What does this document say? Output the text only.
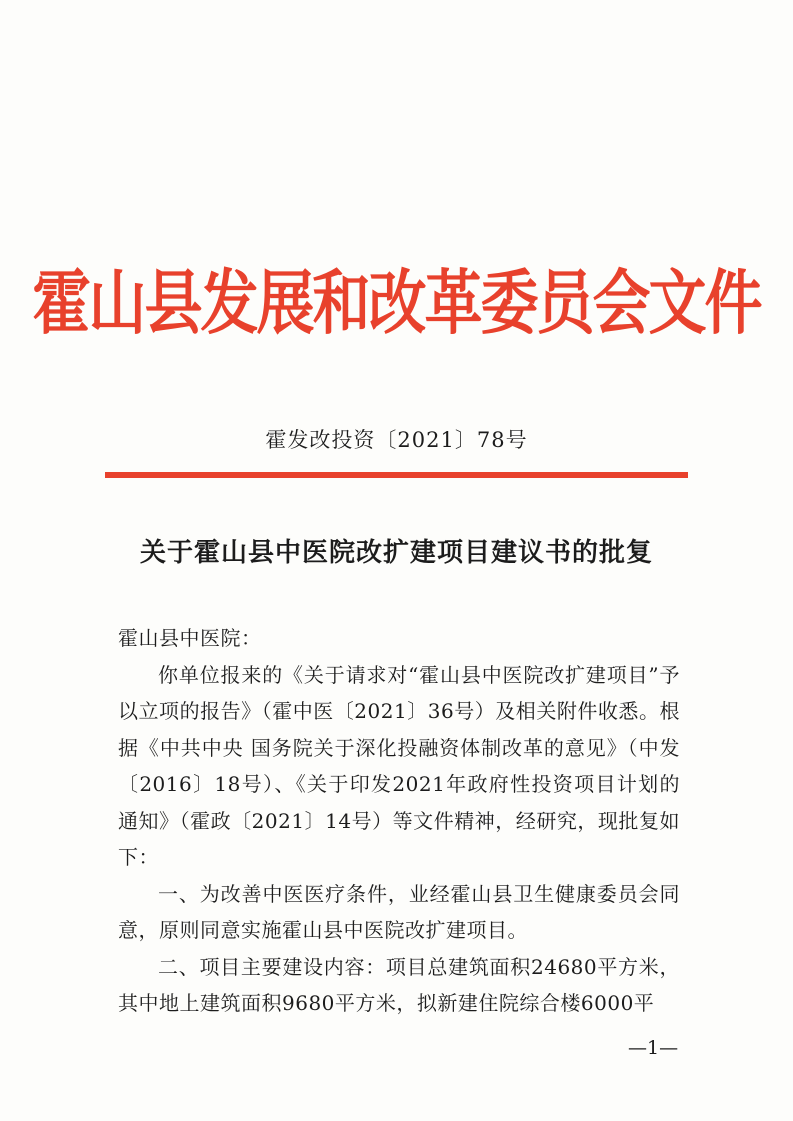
霍山县发展和改革委员会文件
霍发改投资〔2021〕78号
关于霍山县中医院改扩建项目建议书的批复

霍山县中医院：

你单位报来的《关于请求对“霍山县中医院改扩建项目”予以立项的报告》（霍中医〔2021〕36号）及相关附件收悉。根据《中共中央 国务院关于深化投融资体制改革的意见》（中发〔2016〕18号）、《关于印发2021年政府性投资项目计划的通知》（霍政〔2021〕14号）等文件精神，经研究，现批复如下：

一、为改善中医医疗条件，业经霍山县卫生健康委员会同意，原则同意实施霍山县中医院改扩建项目。

二、项目主要建设内容：项目总建筑面积24680平方米，其中地上建筑面积9680平方米，拟新建住院综合楼6000平

—1—
